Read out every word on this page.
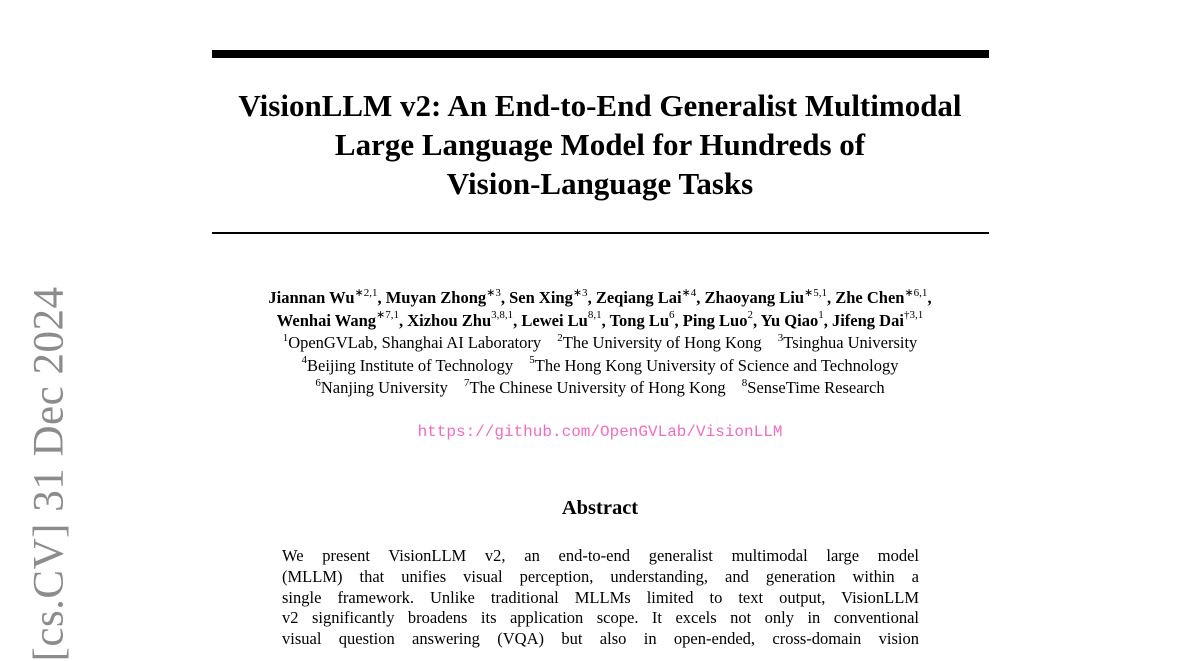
[cs.CV] 31 Dec 2024
VisionLLM v2: An End-to-End Generalist Multimodal
Large Language Model for Hundreds of
Vision-Language Tasks
Jiannan $Wu^{∗2,1}$, Muyan Zhong$^{∗3}$, Sen Xing$^{∗3}$, Zeqiang Lai$^{∗4}$, Zhaoyang Liu$^{∗5,1}$, Zhe Chen$^{∗6,1}$,
Wenhai Wang$^{∗7,1}$, Xizhou Zhu$^{3,8,1}$, Lewei Lu$^{8,1}$, Tong Lu$^6$, Ping Luo$^2$, Yu Qiao$^1$, Jifeng Dai$^{\dagger 3,1}$
$^1$OpenGVLab, Shanghai AI Laboratory $^2$The University of Hong Kong $^3$Tsinghua University
$^4$Beijing Institute of Technology $^5$The Hong Kong University of Science and Technology
$^6$Nanjing University $^7$The Chinese University of Hong Kong $^8$SenseTime Research
https://github.com/OpenGVLab/VisionLLM
Abstract
We present VisionLLM v2, an end-to-end generalist multimodal large model
(MLLM) that unifies visual perception, understanding, and generation within a
single framework. Unlike traditional MLLMs limited to text output, VisionLLM
v2 significantly broadens its application scope. It excels not only in conventional
visual question answering (VQA) but also in open-ended, cross-domain vision
